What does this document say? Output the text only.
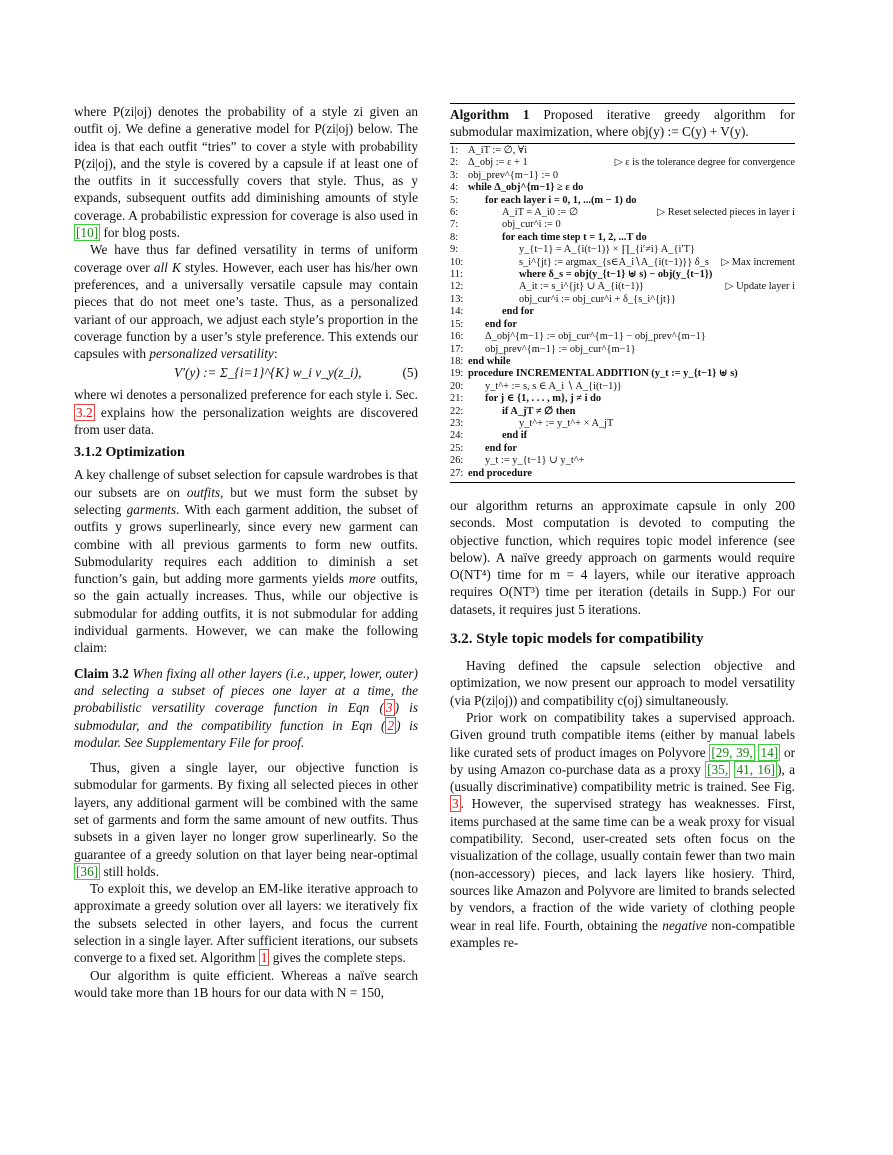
where P(zi|oj) denotes the probability of a style zi given an outfit oj. We define a generative model for P(zi|oj) below. The idea is that each outfit “tries” to cover a style with probability P(zi|oj), and the style is covered by a capsule if at least one of the outfits in it successfully covers that style. Thus, as y expands, subsequent outfits add diminishing amounts of style coverage. A probabilistic expression for coverage is also used in [10] for blog posts.

We have thus far defined versatility in terms of uniform coverage over all K styles. However, each user has his/her own preferences, and a universally versatile capsule may contain pieces that do not meet one’s taste. Thus, as a personalized variant of our approach, we adjust each style’s proportion in the coverage function by a user’s style preference. This extends our capsules with personalized versatility:

V′(y) := Σ_{i=1}^{K} w_i v_y(z_i),	(5)

where wi denotes a personalized preference for each style i. Sec. 3.2 explains how the personalization weights are discovered from user data.

3.1.2 Optimization

A key challenge of subset selection for capsule wardrobes is that our subsets are on outfits, but we must form the subset by selecting garments. With each garment addition, the subset of outfits y grows superlinearly, since every new garment can combine with all previous garments to form new outfits. Submodularity requires each addition to diminish a set function’s gain, but adding more garments yields more outfits, so the gain actually increases. Thus, while our objective is submodular for adding outfits, it is not submodular for adding individual garments. However, we can make the following claim:

Claim 3.2 When fixing all other layers (i.e., upper, lower, outer) and selecting a subset of pieces one layer at a time, the probabilistic versatility coverage function in Eqn ( 3 ) is submodular, and the compatibility function in Eqn ( 2 ) is modular. See Supplementary File for proof.

Thus, given a single layer, our objective function is submodular for garments. By fixing all selected pieces in other layers, any additional garment will be combined with the same set of garments and form the same amount of new outfits. Thus subsets in a given layer no longer grow superlinearly. So the guarantee of a greedy solution on that layer being near-optimal [36] still holds.

To exploit this, we develop an EM-like iterative approach to approximate a greedy solution over all layers: we iteratively fix the subsets selected in other layers, and focus the current selection in a single layer. After sufficient iterations, our subsets converge to a fixed set. Algorithm 1 gives the complete steps.

Our algorithm is quite efficient. Whereas a naïve search would take more than 1B hours for our data with N = 150,

Algorithm 1 Proposed iterative greedy algorithm for submodular maximization, where obj(y) := C(y) + V(y).
1: A_iT := ∅, ∀i
2: Δ_obj := ε + 1	▷ ε is the tolerance degree for convergence
3: obj_prev^{m−1} := 0
4: while Δ_obj^{m−1} ≥ ε do
5:	for each layer i = 0, 1, ...(m − 1) do
6:	A_iT = A_i0 := ∅	▷ Reset selected pieces in layer i
7:	obj_cur^i := 0
8:	for each time step t = 1, 2, ...T do
9:	y_{t−1} = A_{i(t−1)} × ∏_{i′≠i} A_{i′T}
10:	s_i^{jt} := argmax_{s∈A_i∖A_{i(t−1)}} δ_s ▷ Max increment
11:	where δ_s = obj(y_{t−1} ⊎ s) − obj(y_{t−1})
12:	A_it := s_i^{jt} ∪ A_{i(t−1)}	▷ Update layer i
13:	obj_cur^i := obj_cur^i + δ_{s_i^{jt}}
14:	end for
15:	end for
16:	Δ_obj^{m−1} := obj_cur^{m−1} − obj_prev^{m−1}
17:	obj_prev^{m−1} := obj_cur^{m−1}
18: end while
19: procedure INCREMENTAL ADDITION (y_t := y_{t−1} ⊎ s)
20:	y_t^+ := s, s ∈ A_i ∖ A_{i(t−1)}
21:	for j ∈ {1, . . . , m}, j ≠ i do
22:	if A_jT ≠ ∅ then
23:	y_t^+ := y_t^+ × A_jT
24:	end if
25:	end for
26:	y_t := y_{t−1} ∪ y_t^+
27: end procedure

our algorithm returns an approximate capsule in only 200 seconds. Most computation is devoted to computing the objective function, which requires topic model inference (see below). A naïve greedy approach on garments would require O(NT⁴) time for m = 4 layers, while our iterative approach requires O(NT³) time per iteration (details in Supp.) For our datasets, it requires just 5 iterations.

3.2. Style topic models for compatibility

Having defined the capsule selection objective and optimization, we now present our approach to model versatility (via P(zi|oj)) and compatibility c(oj) simultaneously.

Prior work on compatibility takes a supervised approach. Given ground truth compatible items (either by manual labels like curated sets of product images on Polyvore [29, 39, 14] or by using Amazon co-purchase data as a proxy [35, 41, 16] ), a (usually discriminative) compatibility metric is trained. See Fig. 3 . However, the supervised strategy has weaknesses. First, items purchased at the same time can be a weak proxy for visual compatibility. Second, user-created sets often focus on the visualization of the collage, usually contain fewer than two main (non-accessory) pieces, and lack layers like hosiery. Third, sources like Amazon and Polyvore are limited to brands selected by vendors, a fraction of the wide variety of clothing people wear in real life. Fourth, obtaining the negative non-compatible examples re-
